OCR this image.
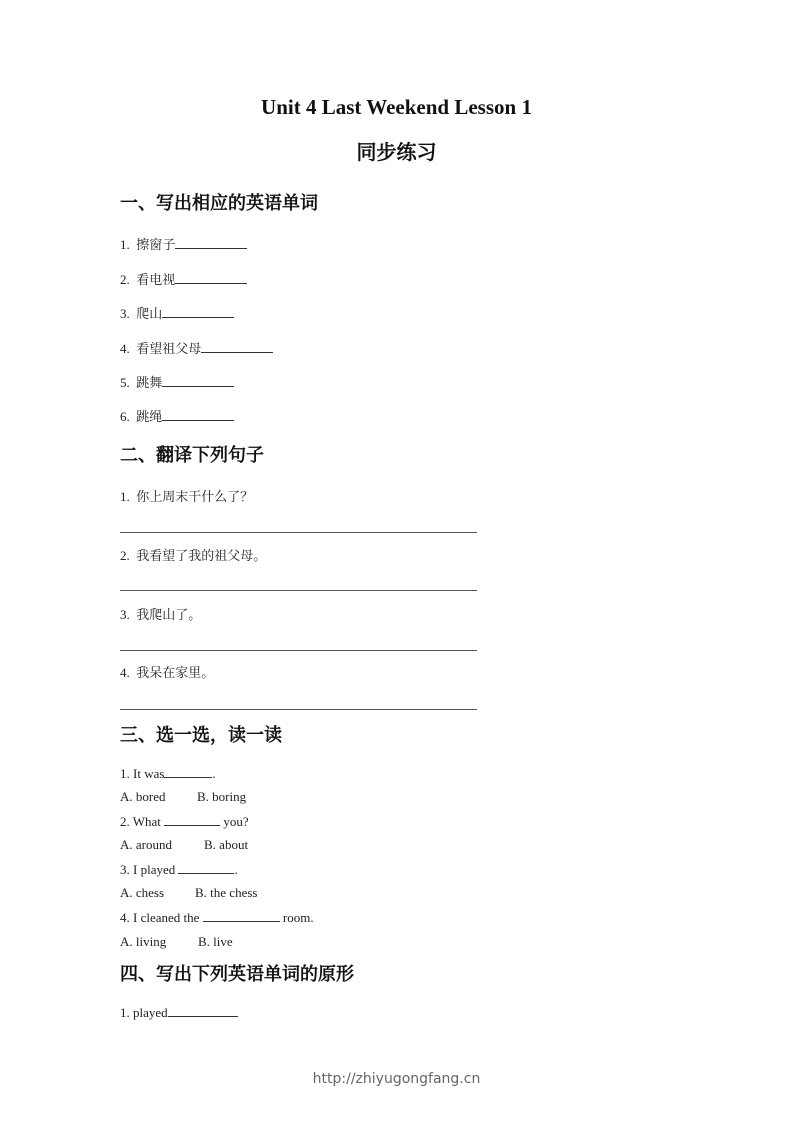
Unit 4 Last Weekend Lesson 1
同步练习
一、写出相应的英语单词
1. 擦窗子
2. 看电视
3. 爬山
4. 看望祖父母
5. 跳舞
6. 跳绳
二、翻译下列句子
1. 你上周末干什么了？
2. 我看望了我的祖父母。
3. 我爬山了。
4. 我呆在家里。
三、选一选，读一读
1. It was	.
A. bored B. boring
2. What	you?
A. around B. about
3. I played	.
A. chess B. the chess
4. I cleaned the	room.
A. living B. live
四、写出下列英语单词的原形
1. played
http://zhiyugongfang.cn
